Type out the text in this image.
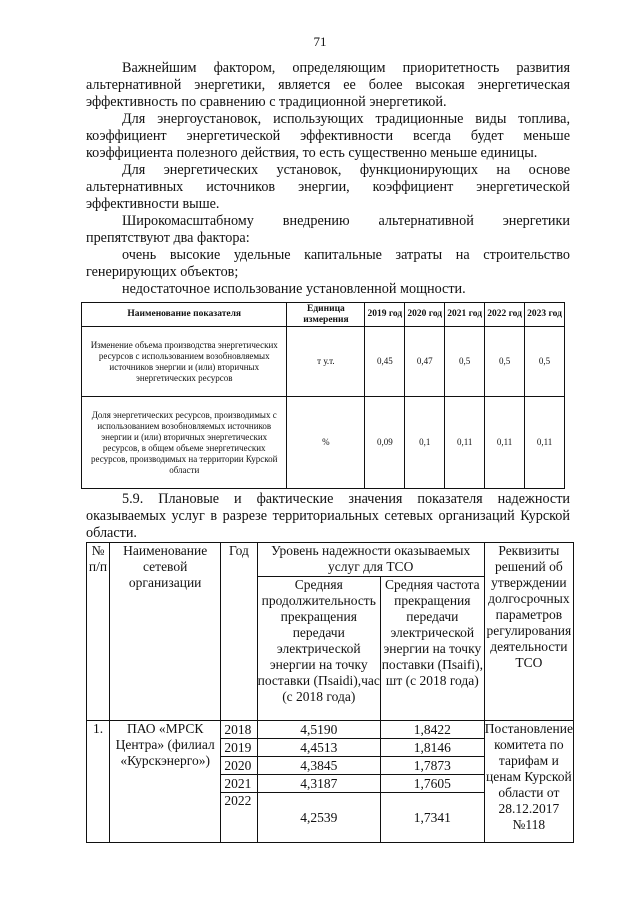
71
Важнейшим фактором, определяющим приоритетность развития альтернативной энергетики, является ее более высокая энергетическая эффективность по сравнению с традиционной энергетикой.
Для энергоустановок, использующих традиционные виды топлива, коэффициент энергетической эффективности всегда будет меньше коэффициента полезного действия, то есть существенно меньше единицы.
Для энергетических установок, функционирующих на основе альтернативных источников энергии, коэффициент энергетической эффективности выше.
Широкомасштабному внедрению альтернативной энергетики
препятствуют два фактора:
очень высокие удельные капитальные затраты на строительство генерирующих объектов;
недостаточное использование установленной мощности.
Наименование показателя	Единица измерения	2019 год	2020 год	2021 год	2022 год	2023 год
Изменение объема производства энергетических ресурсов с использованием возобновляемых источников энергии и (или) вторичных энергетических ресурсов	т у.т.	0,45	0,47	0,5	0,5	0,5
Доля энергетических ресурсов, производимых с использованием возобновляемых источников энергии и (или) вторичных энергетических ресурсов, в общем объеме энергетических ресурсов, производимых на территории Курской области	%	0,09	0,1	0,11	0,11	0,11
5.9. Плановые и фактические значения показателя надежности оказываемых услуг в разрезе территориальных сетевых организаций Курской области.
№ п/п	Наименование сетевой организации	Год	Уровень надежности оказываемых услуг для ТСО		Реквизиты решений об утверждении долгосрочных параметров регулирования деятельности ТСО
			Средняя продолжительность прекращения передачи электрической энергии на точку поставки (Пsaidi),час (с 2018 года)	Средняя частота прекращения передачи электрической энергии на точку поставки (Пsaifi), шт (с 2018 года)	
1.	ПАО «МРСК Центра» (филиал «Курскэнерго»)	2018	4,5190	1,8422	Постановление комитета по тарифам и ценам Курской области от 28.12.2017 №118
		2019	4,4513	1,8146	
		2020	4,3845	1,7873	
		2021	4,3187	1,7605	
		2022	4,2539	1,7341	
